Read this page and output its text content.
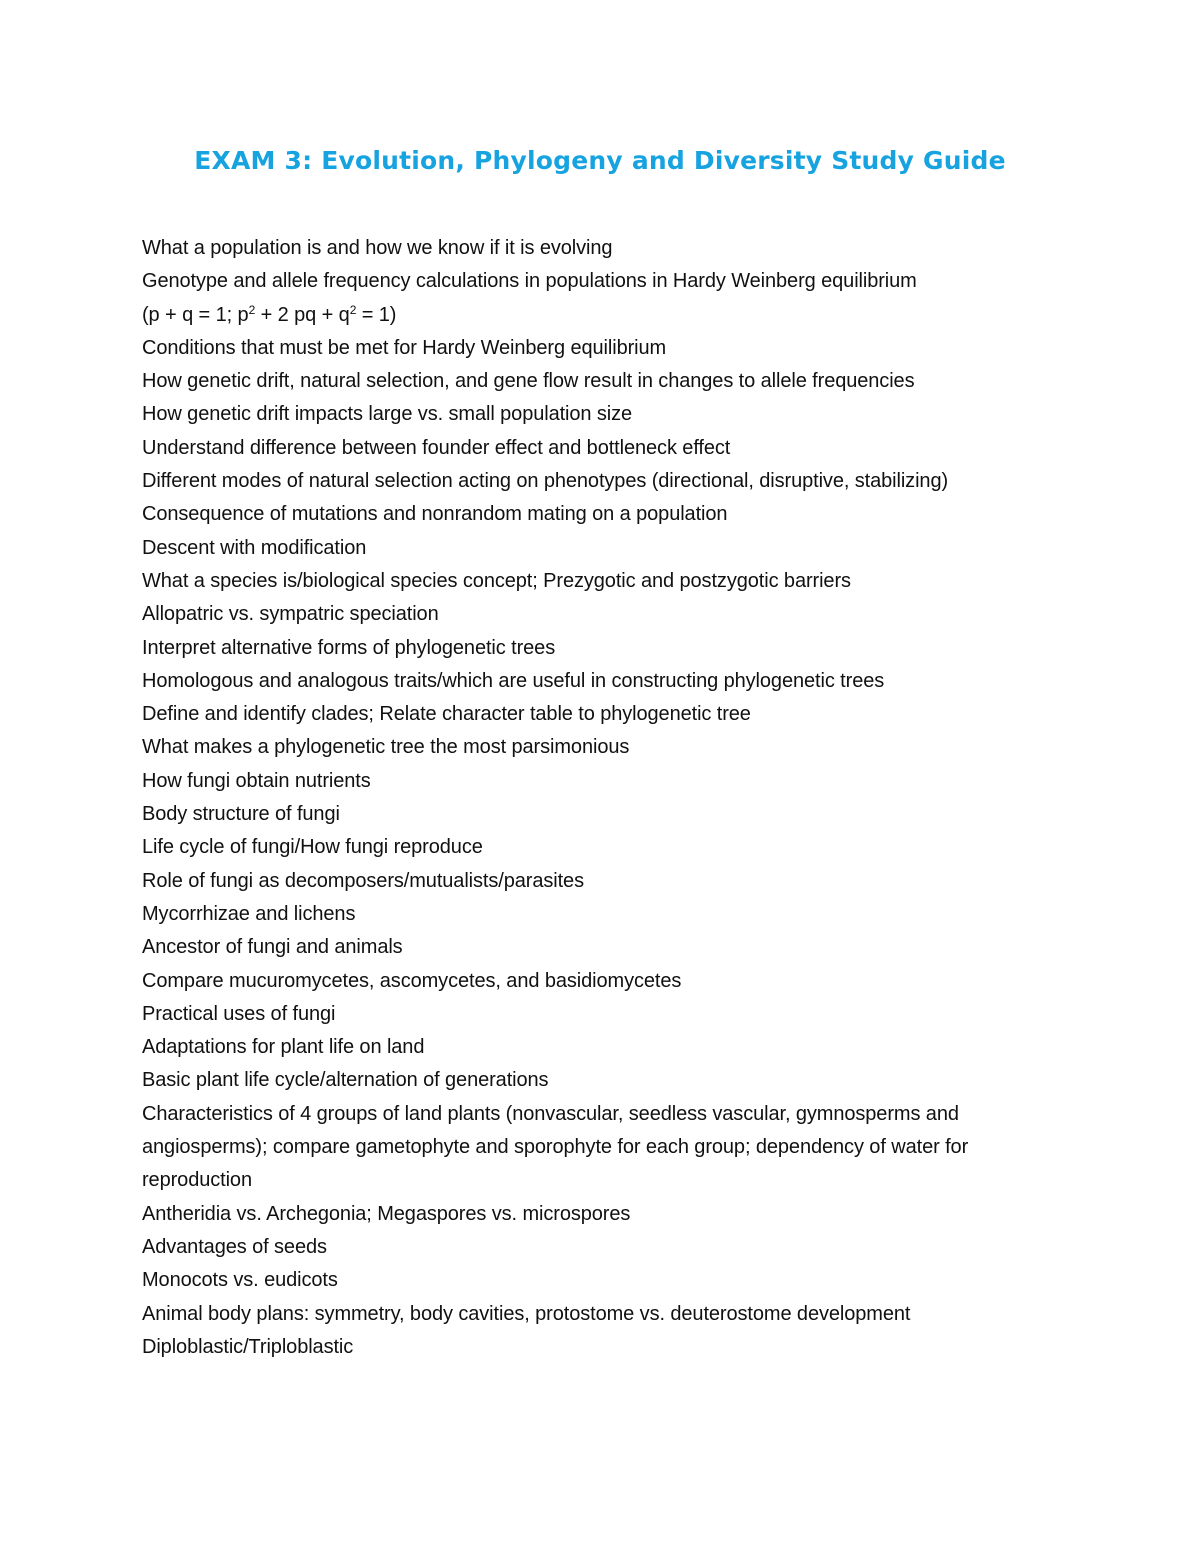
EXAM 3: Evolution, Phylogeny and Diversity Study Guide
What a population is and how we know if it is evolving
Genotype and allele frequency calculations in populations in Hardy Weinberg equilibrium
(p + q = 1; $p^2 + 2$ pq + $q^2 = 1$)
Conditions that must be met for Hardy Weinberg equilibrium
How genetic drift, natural selection, and gene flow result in changes to allele frequencies
How genetic drift impacts large vs. small population size
Understand difference between founder effect and bottleneck effect
Different modes of natural selection acting on phenotypes (directional, disruptive, stabilizing)
Consequence of mutations and nonrandom mating on a population
Descent with modification
What a species is/biological species concept; Prezygotic and postzygotic barriers
Allopatric vs. sympatric speciation
Interpret alternative forms of phylogenetic trees
Homologous and analogous traits/which are useful in constructing phylogenetic trees
Define and identify clades; Relate character table to phylogenetic tree
What makes a phylogenetic tree the most parsimonious
How fungi obtain nutrients
Body structure of fungi
Life cycle of fungi/How fungi reproduce
Role of fungi as decomposers/mutualists/parasites
Mycorrhizae and lichens
Ancestor of fungi and animals
Compare mucuromycetes, ascomycetes, and basidiomycetes
Practical uses of fungi
Adaptations for plant life on land
Basic plant life cycle/alternation of generations
Characteristics of 4 groups of land plants (nonvascular, seedless vascular, gymnosperms and angiosperms); compare gametophyte and sporophyte for each group; dependency of water for reproduction
Antheridia vs. Archegonia; Megaspores vs. microspores
Advantages of seeds
Monocots vs. eudicots
Animal body plans: symmetry, body cavities, protostome vs. deuterostome development
Diploblastic/Triploblastic
